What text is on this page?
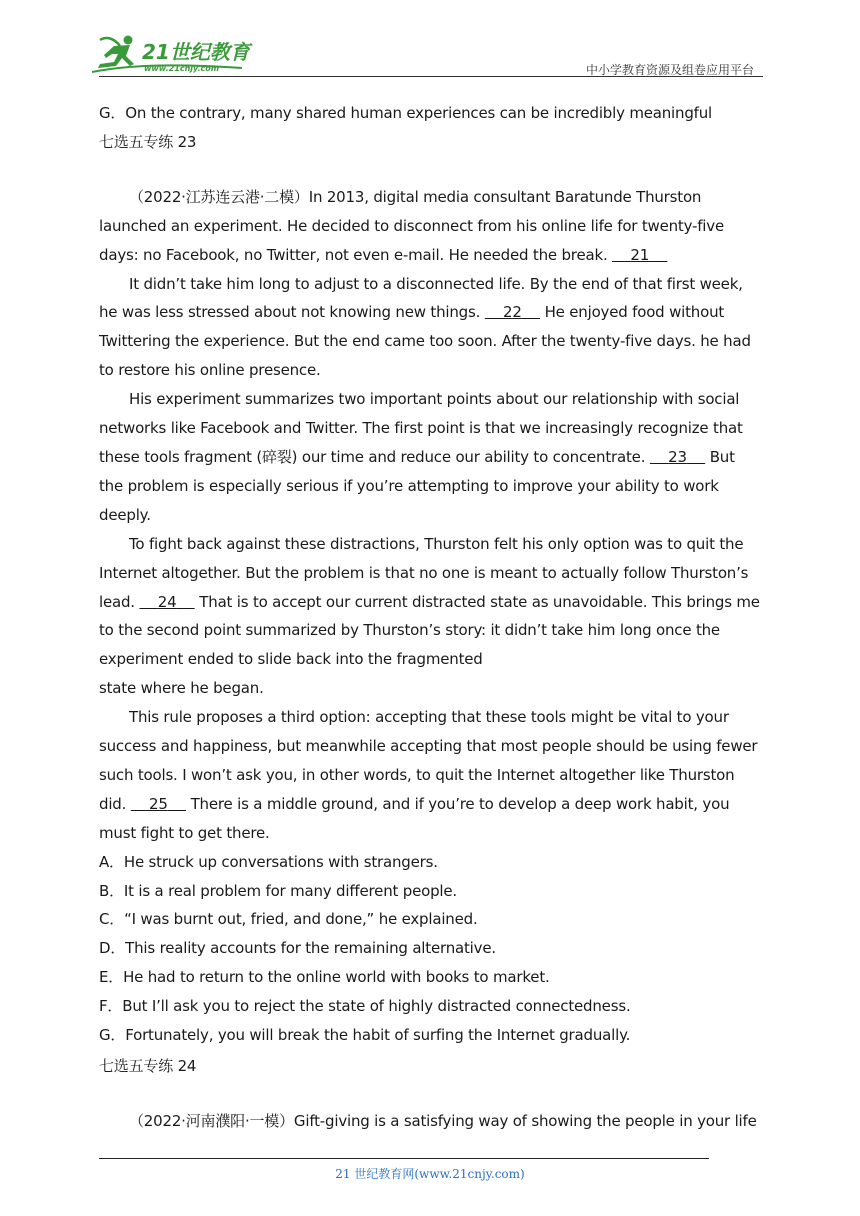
21世纪教育
www.21cnjy.com	中小学教育资源及组卷应用平台

G．On the contrary, many shared human experiences can be incredibly meaningful

七选五专练 23

（2022·江苏连云港·二模）In 2013, digital media consultant Baratunde Thurston launched an experiment. He decided to disconnect from his online life for twenty-five days: no Facebook, no Twitter, not even e-mail. He needed the break. 21

It didn’t take him long to adjust to a disconnected life. By the end of that first week, he was less stressed about not knowing new things. 22 He enjoyed food without Twittering the experience. But the end came too soon. After the twenty-five days. he had to restore his online presence.

His experiment summarizes two important points about our relationship with social networks like Facebook and Twitter. The first point is that we increasingly recognize that these tools fragment (碎裂) our time and reduce our ability to concentrate. 23 But the problem is especially serious if you’re attempting to improve your ability to work deeply.

To fight back against these distractions, Thurston felt his only option was to quit the Internet altogether. But the problem is that no one is meant to actually follow Thurston’s lead. 24 That is to accept our current distracted state as unavoidable. This brings me to the second point summarized by Thurston’s story: it didn’t take him long once the experiment ended to slide back into the fragmented

state where he began.

This rule proposes a third option: accepting that these tools might be vital to your success and happiness, but meanwhile accepting that most people should be using fewer such tools. I won’t ask you, in other words, to quit the Internet altogether like Thurston did. 25 There is a middle ground, and if you’re to develop a deep work habit, you must fight to get there.

A．He struck up conversations with strangers.

B．It is a real problem for many different people.

C．“I was burnt out, fried, and done,” he explained.

D．This reality accounts for the remaining alternative.

E．He had to return to the online world with books to market.

F．But I’ll ask you to reject the state of highly distracted connectedness.

G．Fortunately, you will break the habit of surfing the Internet gradually.

七选五专练 24

（2022·河南濮阳·一模）Gift-giving is a satisfying way of showing the people in your life

21 世纪教育网(www.21cnjy.com)
